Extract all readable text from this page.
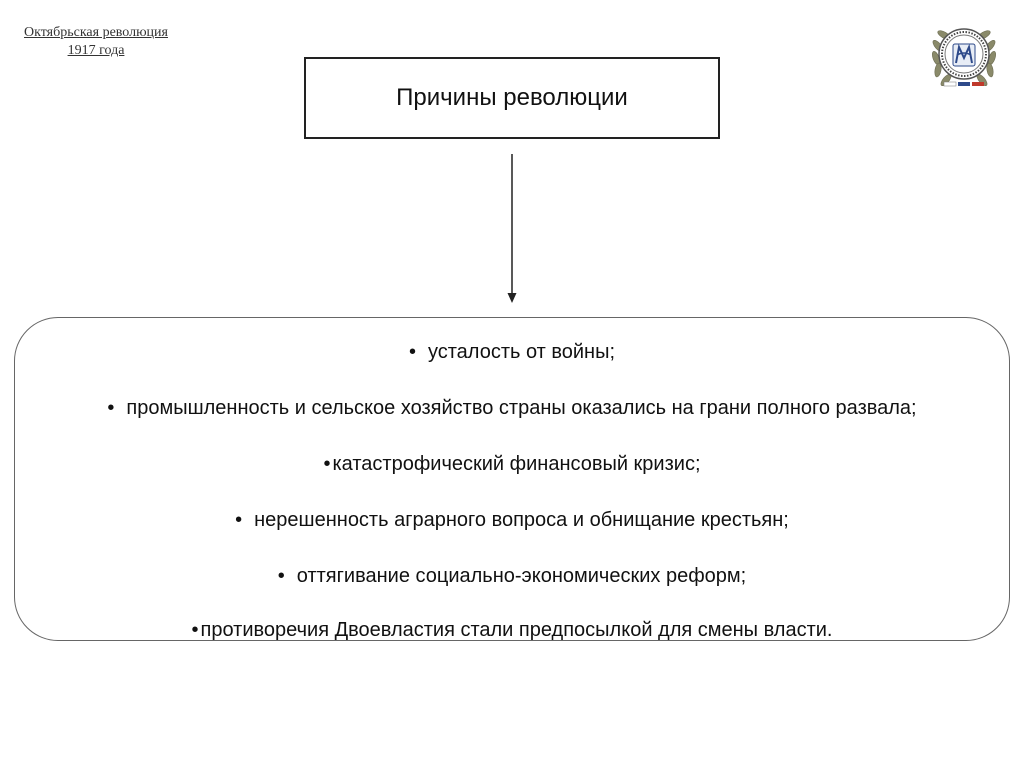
Октябрьская революция
1917 года
Причины революции
• усталость от войны;
• промышленность и сельское хозяйство страны оказались на грани полного развала;
• катастрофический финансовый кризис;
• нерешенность аграрного вопроса и обнищание крестьян;
• оттягивание социально-экономических реформ;
• противоречия Двоевластия стали предпосылкой для смены власти.
